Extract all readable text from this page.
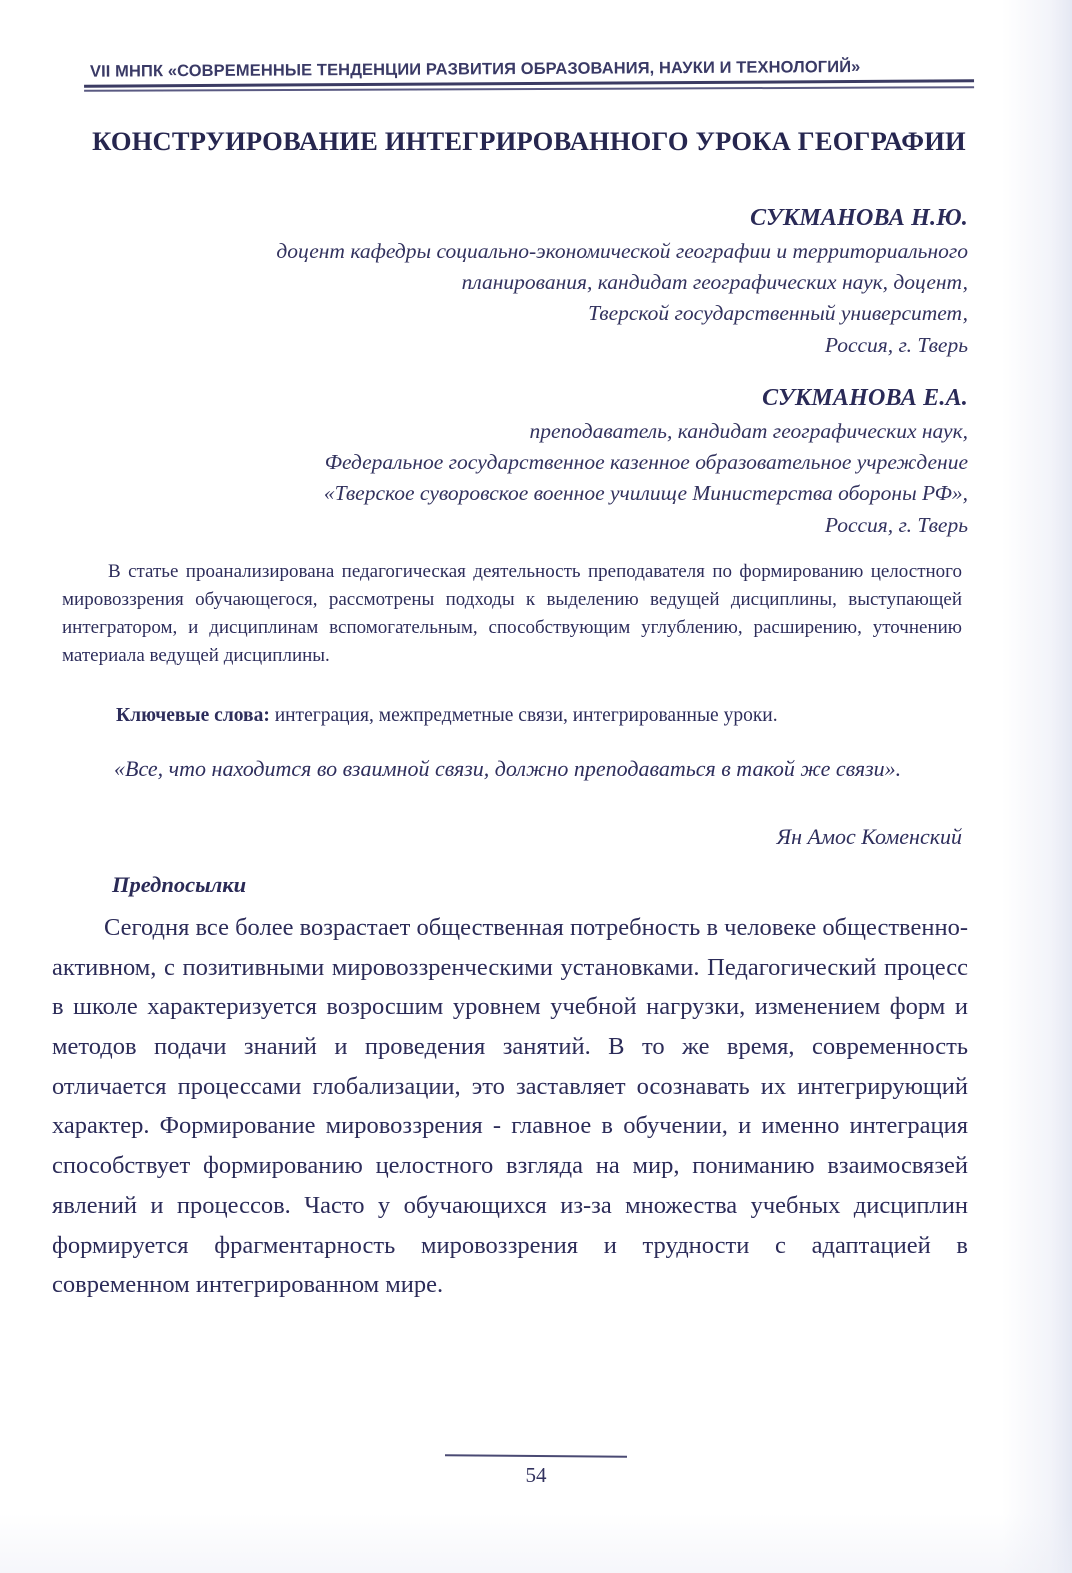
VII МНПК «СОВРЕМЕННЫЕ ТЕНДЕНЦИИ РАЗВИТИЯ ОБРАЗОВАНИЯ, НАУКИ И ТЕХНОЛОГИЙ»
КОНСТРУИРОВАНИЕ ИНТЕГРИРОВАННОГО УРОКА ГЕОГРАФИИ
СУКМАНОВА Н.Ю.
доцент кафедры социально-экономической географии и территориального
планирования, кандидат географических наук, доцент,
Тверской государственный университет,
Россия, г. Тверь
СУКМАНОВА Е.А.
преподаватель, кандидат географических наук,
Федеральное государственное казенное образовательное учреждение
«Тверское суворовское военное училище Министерства обороны РФ»,
Россия, г. Тверь
В статье проанализирована педагогическая деятельность преподавателя по формированию целостного мировоззрения обучающегося, рассмотрены подходы к выделению ведущей дисциплины, выступающей интегратором, и дисциплинам вспомогательным, способствующим углублению, расширению, уточнению материала ведущей дисциплины.
Ключевые слова: интеграция, межпредметные связи, интегрированные уроки.
«Все, что находится во взаимной связи, должно преподаваться в такой же связи».
Ян Амос Коменский
Предпосылки
Сегодня все более возрастает общественная потребность в человеке общественно-активном, с позитивными мировоззренческими установками. Педагогический процесс в школе характеризуется возросшим уровнем учебной нагрузки, изменением форм и методов подачи знаний и проведения занятий. В то же время, современность отличается процессами глобализации, это заставляет осознавать их интегрирующий характер. Формирование мировоззрения - главное в обучении, и именно интеграция способствует формированию целостного взгляда на мир, пониманию взаимосвязей явлений и процессов. Часто у обучающихся из-за множества учебных дисциплин формируется фрагментарность мировоззрения и трудности с адаптацией в современном интегрированном мире.
54
